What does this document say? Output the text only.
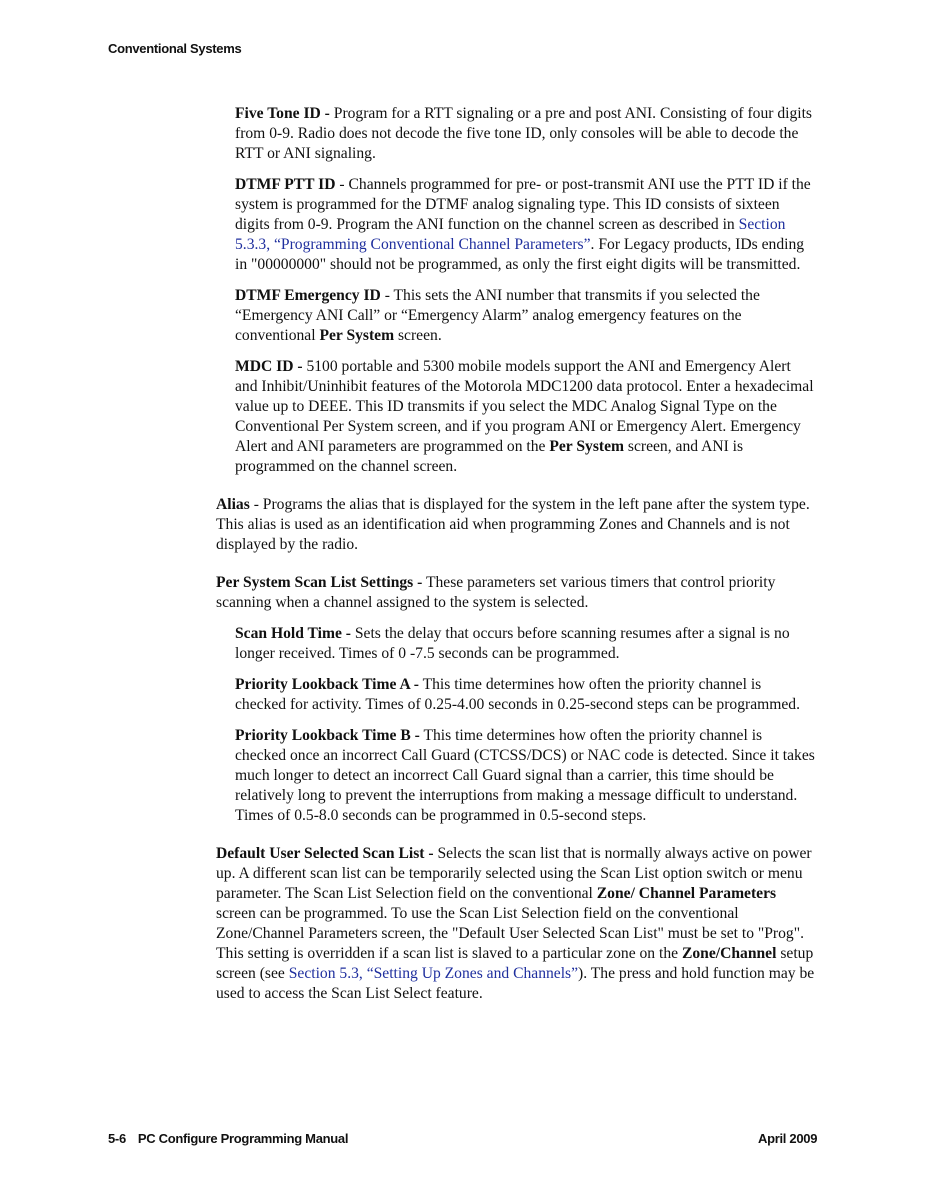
Conventional Systems

Five Tone ID - Program for a RTT signaling or a pre and post ANI. Consisting of four digits from 0-9. Radio does not decode the five tone ID, only consoles will be able to decode the RTT or ANI signaling.

DTMF PTT ID - Channels programmed for pre- or post-transmit ANI use the PTT ID if the system is programmed for the DTMF analog signaling type. This ID consists of sixteen digits from 0-9. Program the ANI function on the channel screen as described in Section 5.3.3, “Programming Conventional Channel Parameters”. For Legacy products, IDs ending in "00000000" should not be programmed, as only the first eight digits will be transmitted.

DTMF Emergency ID - This sets the ANI number that transmits if you selected the “Emergency ANI Call” or “Emergency Alarm” analog emergency features on the conventional Per System screen.

MDC ID - 5100 portable and 5300 mobile models support the ANI and Emergency Alert and Inhibit/Uninhibit features of the Motorola MDC1200 data protocol. Enter a hexadecimal value up to DEEE. This ID transmits if you select the MDC Analog Signal Type on the Conventional Per System screen, and if you program ANI or Emergency Alert. Emergency Alert and ANI parameters are programmed on the Per System screen, and ANI is programmed on the channel screen.

Alias - Programs the alias that is displayed for the system in the left pane after the system type. This alias is used as an identification aid when programming Zones and Channels and is not displayed by the radio.

Per System Scan List Settings - These parameters set various timers that control priority scanning when a channel assigned to the system is selected.

Scan Hold Time - Sets the delay that occurs before scanning resumes after a signal is no longer received. Times of 0 -7.5 seconds can be programmed.

Priority Lookback Time A - This time determines how often the priority channel is checked for activity. Times of 0.25-4.00 seconds in 0.25-second steps can be programmed.

Priority Lookback Time B - This time determines how often the priority channel is checked once an incorrect Call Guard (CTCSS/DCS) or NAC code is detected. Since it takes much longer to detect an incorrect Call Guard signal than a carrier, this time should be relatively long to prevent the interruptions from making a message difficult to understand. Times of 0.5-8.0 seconds can be programmed in 0.5-second steps.

Default User Selected Scan List - Selects the scan list that is normally always active on power up. A different scan list can be temporarily selected using the Scan List option switch or menu parameter. The Scan List Selection field on the conventional Zone/ Channel Parameters screen can be programmed. To use the Scan List Selection field on the conventional Zone/Channel Parameters screen, the "Default User Selected Scan List" must be set to "Prog". This setting is overridden if a scan list is slaved to a particular zone on the Zone/Channel setup screen (see Section 5.3, “Setting Up Zones and Channels”). The press and hold function may be used to access the Scan List Select feature.

5-6 PC Configure Programming Manual	April 2009
